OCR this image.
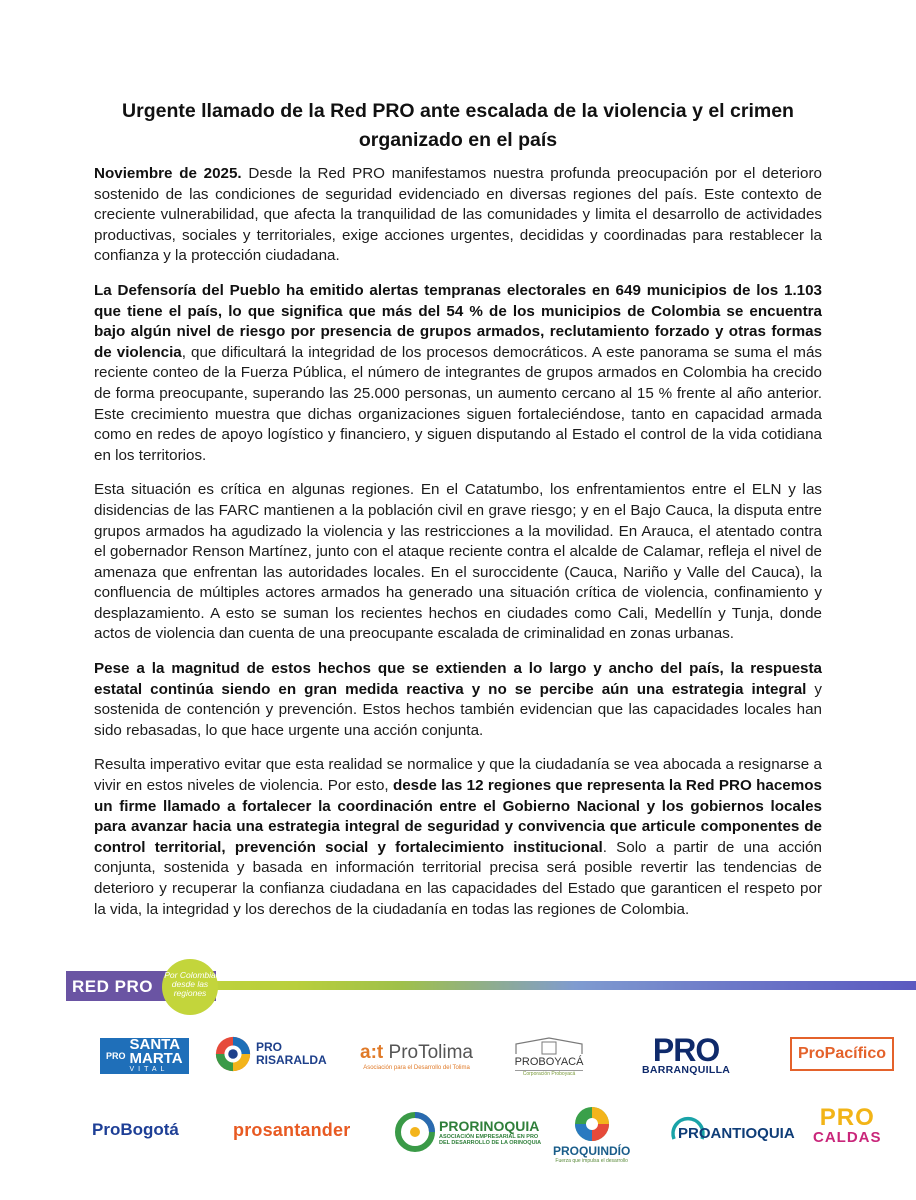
Urgente llamado de la Red PRO ante escalada de la violencia y el crimen organizado en el país

Noviembre de 2025. Desde la Red PRO manifestamos nuestra profunda preocupación por el deterioro sostenido de las condiciones de seguridad evidenciado en diversas regiones del país. Este contexto de creciente vulnerabilidad, que afecta la tranquilidad de las comunidades y limita el desarrollo de actividades productivas, sociales y territoriales, exige acciones urgentes, decididas y coordinadas para restablecer la confianza y la protección ciudadana.

La Defensoría del Pueblo ha emitido alertas tempranas electorales en 649 municipios de los 1.103 que tiene el país, lo que significa que más del 54 % de los municipios de Colombia se encuentra bajo algún nivel de riesgo por presencia de grupos armados, reclutamiento forzado y otras formas de violencia, que dificultará la integridad de los procesos democráticos. A este panorama se suma el más reciente conteo de la Fuerza Pública, el número de integrantes de grupos armados en Colombia ha crecido de forma preocupante, superando las 25.000 personas, un aumento cercano al 15 % frente al año anterior. Este crecimiento muestra que dichas organizaciones siguen fortaleciéndose, tanto en capacidad armada como en redes de apoyo logístico y financiero, y siguen disputando al Estado el control de la vida cotidiana en los territorios.

Esta situación es crítica en algunas regiones. En el Catatumbo, los enfrentamientos entre el ELN y las disidencias de las FARC mantienen a la población civil en grave riesgo; y en el Bajo Cauca, la disputa entre grupos armados ha agudizado la violencia y las restricciones a la movilidad. En Arauca, el atentado contra el gobernador Renson Martínez, junto con el ataque reciente contra el alcalde de Calamar, refleja el nivel de amenaza que enfrentan las autoridades locales. En el suroccidente (Cauca, Nariño y Valle del Cauca), la confluencia de múltiples actores armados ha generado una situación crítica de violencia, confinamiento y desplazamiento. A esto se suman los recientes hechos en ciudades como Cali, Medellín y Tunja, donde actos de violencia dan cuenta de una preocupante escalada de criminalidad en zonas urbanas.

Pese a la magnitud de estos hechos que se extienden a lo largo y ancho del país, la respuesta estatal continúa siendo en gran medida reactiva y no se percibe aún una estrategia integral y sostenida de contención y prevención. Estos hechos también evidencian que las capacidades locales han sido rebasadas, lo que hace urgente una acción conjunta.

Resulta imperativo evitar que esta realidad se normalice y que la ciudadanía se vea abocada a resignarse a vivir en estos niveles de violencia. Por esto, desde las 12 regiones que representa la Red PRO hacemos un firme llamado a fortalecer la coordinación entre el Gobierno Nacional y los gobiernos locales para avanzar hacia una estrategia integral de seguridad y convivencia que articule componentes de control territorial, prevención social y fortalecimiento institucional. Solo a partir de una acción conjunta, sostenida y basada en información territorial precisa será posible revertir las tendencias de deterioro y recuperar la confianza ciudadana en las capacidades del Estado que garanticen el respeto por la vida, la integridad y los derechos de la ciudadanía en todas las regiones de Colombia.

RED PRO
Por Colombia
desde las
regiones
PRO
SANTA
MARTA
VITAL
PRO
RISARALDA a:t ProTolima
Asociación para el Desarrollo del Tolima	PROBOYACÁ
Corporación Proboyacá
PRO
BARRANQUILLA
ProPacífico
ProBogotá	prosantander	PRORINOQUIA
ASOCIACIÓN EMPRESARIAL EN PRO
DEL DESARROLLO DE LA ORINOQUIA
PROQUINDÍO
Fuerza que impulsa el desarrollo
PROANTIOQUIA
PRO
CALDAS
